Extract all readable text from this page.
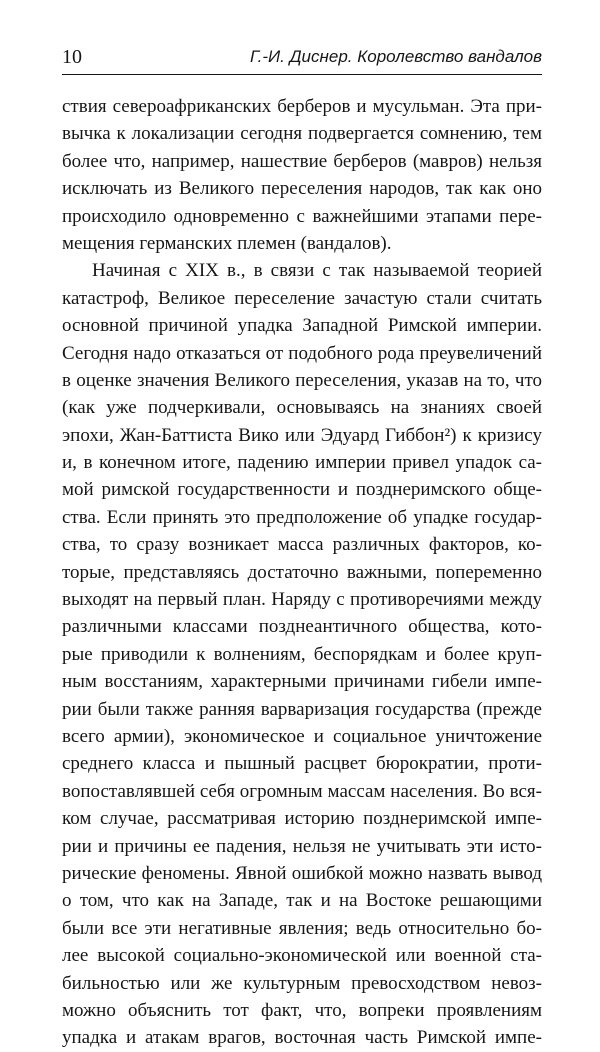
10	Г.-И. Диснер. Королевство вандалов
ствия североафриканских берберов и мусульман. Эта при-
вычка к локализации сегодня подвергается сомнению, тем
более что, например, нашествие берберов (мавров) нельзя
исключать из Великого переселения народов, так как оно
происходило одновременно с важнейшими этапами пере-
мещения германских племен (вандалов).
Начиная с XIX в., в связи с так называемой теорией
катастроф, Великое переселение зачастую стали считать
основной причиной упадка Западной Римской империи.
Сегодня надо отказаться от подобного рода преувеличений
в оценке значения Великого переселения, указав на то, что
(как уже подчеркивали, основываясь на знаниях своей
эпохи, Жан-Баттиста Вико или Эдуард Гиббон²) к кризису
и, в конечном итоге, падению империи привел упадок са-
мой римской государственности и позднеримского обще-
ства. Если принять это предположение об упадке государ-
ства, то сразу возникает масса различных факторов, ко-
торые, представляясь достаточно важными, попеременно
выходят на первый план. Наряду с противоречиями между
различными классами позднеантичного общества, кото-
рые приводили к волнениям, беспорядкам и более круп-
ным восстаниям, характерными причинами гибели импе-
рии были также ранняя варваризация государства (прежде
всего армии), экономическое и социальное уничтожение
среднего класса и пышный расцвет бюрократии, проти-
вопоставлявшей себя огромным массам населения. Во вся-
ком случае, рассматривая историю позднеримской импе-
рии и причины ее падения, нельзя не учитывать эти исто-
рические феномены. Явной ошибкой можно назвать вывод
о том, что как на Западе, так и на Востоке решающими
были все эти негативные явления; ведь относительно бо-
лее высокой социально-экономической или военной ста-
бильностью или же культурным превосходством невоз-
можно объяснить тот факт, что, вопреки проявлениям
упадка и атакам врагов, восточная часть Римской импе-
